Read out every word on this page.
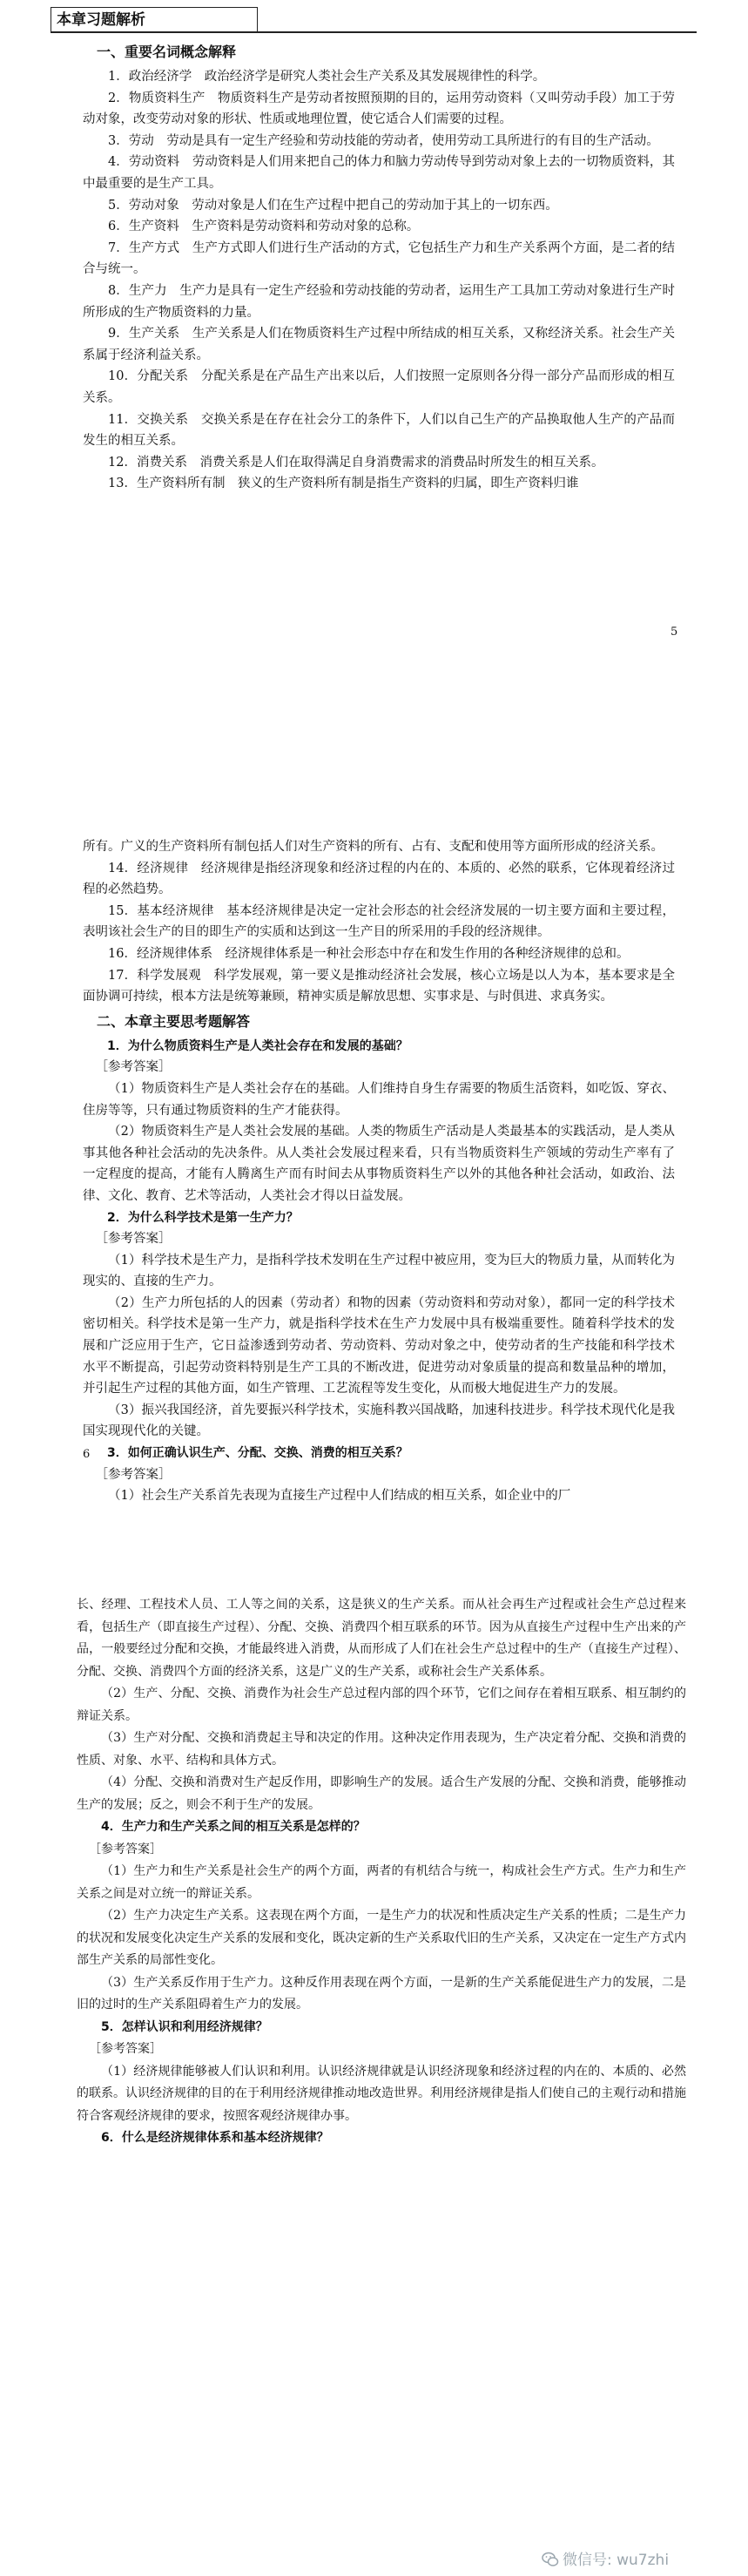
本章习题解析

一、重要名词概念解释

1．政治经济学　政治经济学是研究人类社会生产关系及其发展规律性的科学。

2．物质资料生产　物质资料生产是劳动者按照预期的目的，运用劳动资料（又叫劳动手段）加工于劳动对象，改变劳动对象的形状、性质或地理位置，使它适合人们需要的过程。

3．劳动　劳动是具有一定生产经验和劳动技能的劳动者，使用劳动工具所进行的有目的生产活动。

4．劳动资料　劳动资料是人们用来把自己的体力和脑力劳动传导到劳动对象上去的一切物质资料，其中最重要的是生产工具。

5．劳动对象　劳动对象是人们在生产过程中把自己的劳动加于其上的一切东西。

6．生产资料　生产资料是劳动资料和劳动对象的总称。

7．生产方式　生产方式即人们进行生产活动的方式，它包括生产力和生产关系两个方面，是二者的结合与统一。

8．生产力　生产力是具有一定生产经验和劳动技能的劳动者，运用生产工具加工劳动对象进行生产时所形成的生产物质资料的力量。

9．生产关系　生产关系是人们在物质资料生产过程中所结成的相互关系，又称经济关系。社会生产关系属于经济利益关系。

10．分配关系　分配关系是在产品生产出来以后，人们按照一定原则各分得一部分产品而形成的相互关系。

11．交换关系　交换关系是在存在社会分工的条件下，人们以自己生产的产品换取他人生产的产品而发生的相互关系。

12．消费关系　消费关系是人们在取得满足自身消费需求的消费品时所发生的相互关系。

13．生产资料所有制　狭义的生产资料所有制是指生产资料的归属，即生产资料归谁

5

所有。广义的生产资料所有制包括人们对生产资料的所有、占有、支配和使用等方面所形成的经济关系。

14．经济规律　经济规律是指经济现象和经济过程的内在的、本质的、必然的联系，它体现着经济过程的必然趋势。

15．基本经济规律　基本经济规律是决定一定社会形态的社会经济发展的一切主要方面和主要过程，表明该社会生产的目的即生产的实质和达到这一生产目的所采用的手段的经济规律。

16．经济规律体系　经济规律体系是一种社会形态中存在和发生作用的各种经济规律的总和。

17．科学发展观　科学发展观，第一要义是推动经济社会发展，核心立场是以人为本，基本要求是全面协调可持续，根本方法是统筹兼顾，精神实质是解放思想、实事求是、与时俱进、求真务实。

二、本章主要思考题解答

1．为什么物质资料生产是人类社会存在和发展的基础？

［参考答案］

（1）物质资料生产是人类社会存在的基础。人们维持自身生存需要的物质生活资料，如吃饭、穿衣、住房等等，只有通过物质资料的生产才能获得。

（2）物质资料生产是人类社会发展的基础。人类的物质生产活动是人类最基本的实践活动，是人类从事其他各种社会活动的先决条件。从人类社会发展过程来看，只有当物质资料生产领域的劳动生产率有了一定程度的提高，才能有人腾离生产而有时间去从事物质资料生产以外的其他各种社会活动，如政治、法律、文化、教育、艺术等活动，人类社会才得以日益发展。

2．为什么科学技术是第一生产力？

［参考答案］

（1）科学技术是生产力，是指科学技术发明在生产过程中被应用，变为巨大的物质力量，从而转化为现实的、直接的生产力。

（2）生产力所包括的人的因素（劳动者）和物的因素（劳动资料和劳动对象），都同一定的科学技术密切相关。科学技术是第一生产力，就是指科学技术在生产力发展中具有极端重要性。随着科学技术的发展和广泛应用于生产，它日益渗透到劳动者、劳动资料、劳动对象之中，使劳动者的生产技能和科学技术水平不断提高，引起劳动资料特别是生产工具的不断改进，促进劳动对象质量的提高和数量品种的增加，并引起生产过程的其他方面，如生产管理、工艺流程等发生变化，从而极大地促进生产力的发展。

（3）振兴我国经济，首先要振兴科学技术，实施科教兴国战略，加速科技进步。科学技术现代化是我国实现现代化的关键。

3．如何正确认识生产、分配、交换、消费的相互关系？

［参考答案］

（1）社会生产关系首先表现为直接生产过程中人们结成的相互关系，如企业中的厂

6

长、经理、工程技术人员、工人等之间的关系，这是狭义的生产关系。而从社会再生产过程或社会生产总过程来看，包括生产（即直接生产过程）、分配、交换、消费四个相互联系的环节。因为从直接生产过程中生产出来的产品，一般要经过分配和交换，才能最终进入消费，从而形成了人们在社会生产总过程中的生产（直接生产过程）、分配、交换、消费四个方面的经济关系，这是广义的生产关系，或称社会生产关系体系。

（2）生产、分配、交换、消费作为社会生产总过程内部的四个环节，它们之间存在着相互联系、相互制约的辩证关系。

（3）生产对分配、交换和消费起主导和决定的作用。这种决定作用表现为，生产决定着分配、交换和消费的性质、对象、水平、结构和具体方式。

（4）分配、交换和消费对生产起反作用，即影响生产的发展。适合生产发展的分配、交换和消费，能够推动生产的发展；反之，则会不利于生产的发展。

4．生产力和生产关系之间的相互关系是怎样的？

［参考答案］

（1）生产力和生产关系是社会生产的两个方面，两者的有机结合与统一，构成社会生产方式。生产力和生产关系之间是对立统一的辩证关系。

（2）生产力决定生产关系。这表现在两个方面，一是生产力的状况和性质决定生产关系的性质；二是生产力的状况和发展变化决定生产关系的发展和变化，既决定新的生产关系取代旧的生产关系，又决定在一定生产方式内部生产关系的局部性变化。

（3）生产关系反作用于生产力。这种反作用表现在两个方面，一是新的生产关系能促进生产力的发展，二是旧的过时的生产关系阻碍着生产力的发展。

5．怎样认识和利用经济规律？

［参考答案］

（1）经济规律能够被人们认识和利用。认识经济规律就是认识经济现象和经济过程的内在的、本质的、必然的联系。认识经济规律的目的在于利用经济规律推动地改造世界。利用经济规律是指人们使自己的主观行动和措施符合客观经济规律的要求，按照客观经济规律办事。

6．什么是经济规律体系和基本经济规律？

微信号: wu7zhi
